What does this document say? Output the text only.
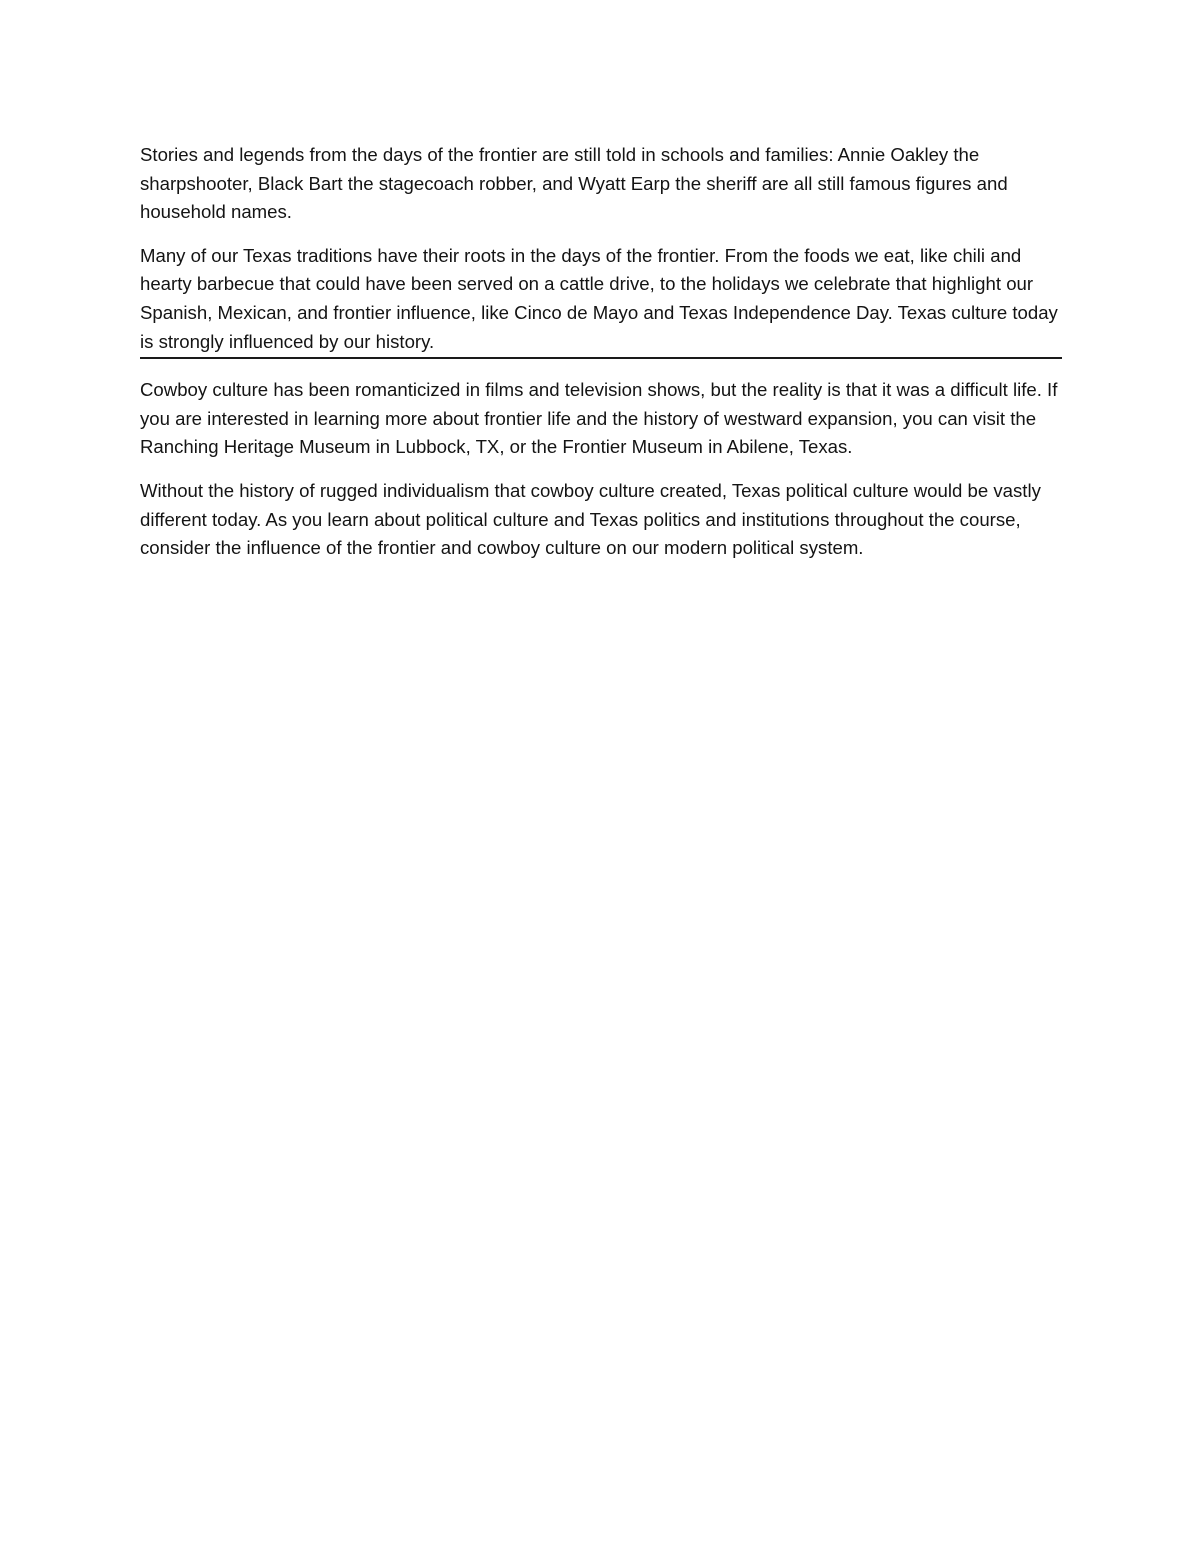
Stories and legends from the days of the frontier are still told in schools and families: Annie Oakley the sharpshooter, Black Bart the stagecoach robber, and Wyatt Earp the sheriff are all still famous figures and household names.

Many of our Texas traditions have their roots in the days of the frontier. From the foods we eat, like chili and hearty barbecue that could have been served on a cattle drive, to the holidays we celebrate that highlight our Spanish, Mexican, and frontier influence, like Cinco de Mayo and Texas Independence Day. Texas culture today is strongly influenced by our history.

Cowboy culture has been romanticized in films and television shows, but the reality is that it was a difficult life. If you are interested in learning more about frontier life and the history of westward expansion, you can visit the Ranching Heritage Museum in Lubbock, TX, or the Frontier Museum in Abilene, Texas.

Without the history of rugged individualism that cowboy culture created, Texas political culture would be vastly different today. As you learn about political culture and Texas politics and institutions throughout the course, consider the influence of the frontier and cowboy culture on our modern political system.
